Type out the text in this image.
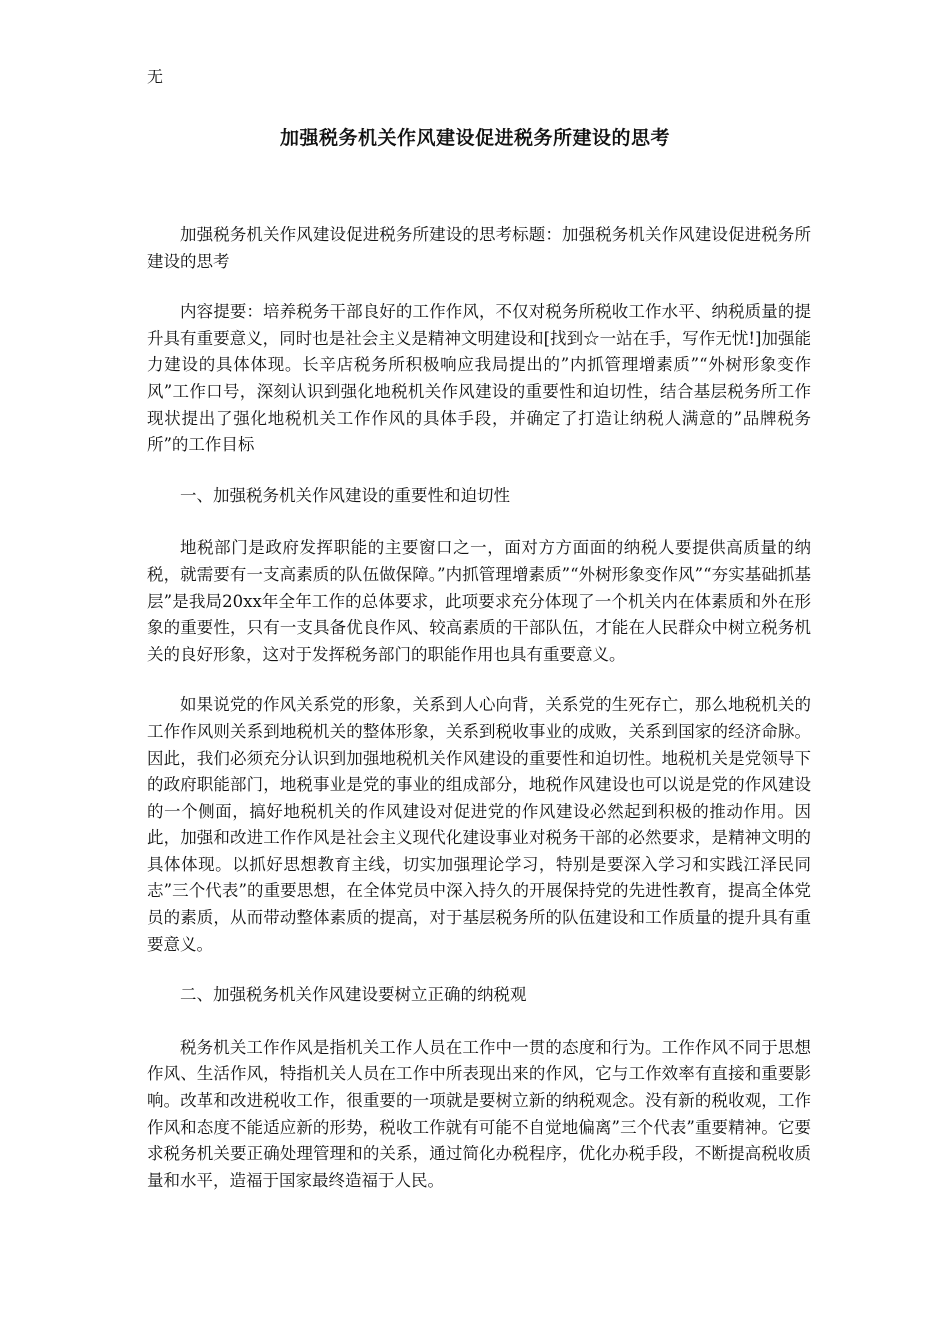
无
加强税务机关作风建设促进税务所建设的思考

加强税务机关作风建设促进税务所建设的思考标题：加强税务机关作风建设促进税务所建设的思考

内容提要：培养税务干部良好的工作作风，不仅对税务所税收工作水平、纳税质量的提升具有重要意义，同时也是社会主义是精神文明建设和[找到☆一站在手，写作无忧!]加强能力建设的具体体现。长辛店税务所积极响应我局提出的”内抓管理增素质”“外树形象变作风”工作口号，深刻认识到强化地税机关作风建设的重要性和迫切性，结合基层税务所工作现状提出了强化地税机关工作作风的具体手段，并确定了打造让纳税人满意的”品牌税务所”的工作目标

一、加强税务机关作风建设的重要性和迫切性

地税部门是政府发挥职能的主要窗口之一，面对方方面面的纳税人要提供高质量的纳税，就需要有一支高素质的队伍做保障。”内抓管理增素质”“外树形象变作风”“夯实基础抓基层”是我局20xx年全年工作的总体要求，此项要求充分体现了一个机关内在体素质和外在形象的重要性，只有一支具备优良作风、较高素质的干部队伍，才能在人民群众中树立税务机关的良好形象，这对于发挥税务部门的职能作用也具有重要意义。

如果说党的作风关系党的形象，关系到人心向背，关系党的生死存亡，那么地税机关的工作作风则关系到地税机关的整体形象，关系到税收事业的成败，关系到国家的经济命脉。因此，我们必须充分认识到加强地税机关作风建设的重要性和迫切性。地税机关是党领导下的政府职能部门，地税事业是党的事业的组成部分，地税作风建设也可以说是党的作风建设的一个侧面，搞好地税机关的作风建设对促进党的作风建设必然起到积极的推动作用。因此，加强和改进工作作风是社会主义现代化建设事业对税务干部的必然要求，是精神文明的具体体现。以抓好思想教育主线，切实加强理论学习，特别是要深入学习和实践江泽民同志”三个代表”的重要思想，在全体党员中深入持久的开展保持党的先进性教育，提高全体党员的素质，从而带动整体素质的提高，对于基层税务所的队伍建设和工作质量的提升具有重要意义。

二、加强税务机关作风建设要树立正确的纳税观

税务机关工作作风是指机关工作人员在工作中一贯的态度和行为。工作作风不同于思想作风、生活作风，特指机关人员在工作中所表现出来的作风，它与工作效率有直接和重要影响。改革和改进税收工作，很重要的一项就是要树立新的纳税观念。没有新的税收观，工作作风和态度不能适应新的形势，税收工作就有可能不自觉地偏离”三个代表”重要精神。它要求税务机关要正确处理管理和的关系，通过简化办税程序，优化办税手段，不断提高税收质量和水平，造福于国家最终造福于人民。
